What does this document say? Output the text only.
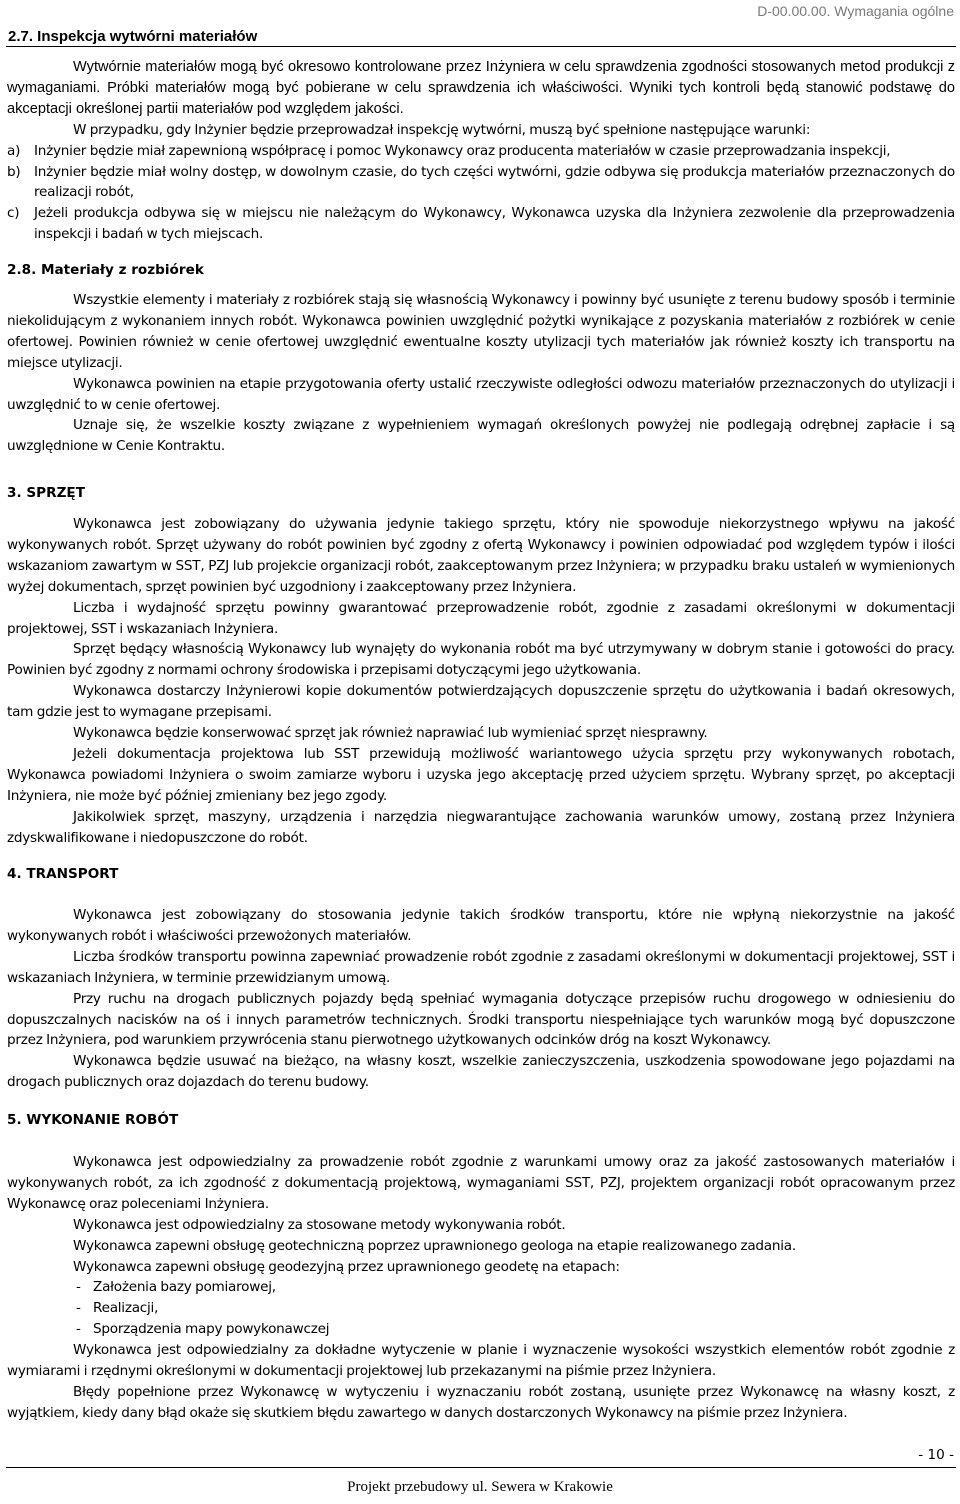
D-00.00.00. Wymagania ogólne
2.7. Inspekcja wytwórni materiałów

Wytwórnie materiałów mogą być okresowo kontrolowane przez Inżyniera w celu sprawdzenia zgodności stosowanych metod produkcji z wymaganiami. Próbki materiałów mogą być pobierane w celu sprawdzenia ich właściwości. Wyniki tych kontroli będą stanowić podstawę do akceptacji określonej partii materiałów pod względem jakości.

W przypadku, gdy Inżynier będzie przeprowadzał inspekcję wytwórni, muszą być spełnione następujące warunki:

a)	Inżynier będzie miał zapewnioną współpracę i pomoc Wykonawcy oraz producenta materiałów w czasie przeprowadzania inspekcji,
b) Inżynier będzie miał wolny dostęp, w dowolnym czasie, do tych części wytwórni, gdzie odbywa się produkcja materiałów przeznaczonych do realizacji robót,
c)	Jeżeli produkcja odbywa się w miejscu nie należącym do Wykonawcy, Wykonawca uzyska dla Inżyniera zezwolenie dla przeprowadzenia inspekcji i badań w tych miejscach.

2.8. Materiały z rozbiórek

Wszystkie elementy i materiały z rozbiórek stają się własnością Wykonawcy i powinny być usunięte z terenu budowy sposób i terminie niekolidującym z wykonaniem innych robót. Wykonawca powinien uwzględnić pożytki wynikające z pozyskania materiałów z rozbiórek w cenie ofertowej. Powinien również w cenie ofertowej uwzględnić ewentualne koszty utylizacji tych materiałów jak również koszty ich transportu na miejsce utylizacji.

Wykonawca powinien na etapie przygotowania oferty ustalić rzeczywiste odległości odwozu materiałów przeznaczonych do utylizacji i uwzględnić to w cenie ofertowej.

Uznaje się, że wszelkie koszty związane z wypełnieniem wymagań określonych powyżej nie podlegają odrębnej zapłacie i są uwzględnione w Cenie Kontraktu.

3. SPRZĘT

Wykonawca jest zobowiązany do używania jedynie takiego sprzętu, który nie spowoduje niekorzystnego wpływu na jakość wykonywanych robót. Sprzęt używany do robót powinien być zgodny z ofertą Wykonawcy i powinien odpowiadać pod względem typów i ilości wskazaniom zawartym w SST, PZJ lub projekcie organizacji robót, zaakceptowanym przez Inżyniera; w przypadku braku ustaleń w wymienionych wyżej dokumentach, sprzęt powinien być uzgodniony i zaakceptowany przez Inżyniera.

Liczba i wydajność sprzętu powinny gwarantować przeprowadzenie robót, zgodnie z zasadami określonymi w dokumentacji projektowej, SST i wskazaniach Inżyniera.

Sprzęt będący własnością Wykonawcy lub wynajęty do wykonania robót ma być utrzymywany w dobrym stanie i gotowości do pracy. Powinien być zgodny z normami ochrony środowiska i przepisami dotyczącymi jego użytkowania.

Wykonawca dostarczy Inżynierowi kopie dokumentów potwierdzających dopuszczenie sprzętu do użytkowania i badań okresowych, tam gdzie jest to wymagane przepisami.

Wykonawca będzie konserwować sprzęt jak również naprawiać lub wymieniać sprzęt niesprawny.

Jeżeli dokumentacja projektowa lub SST przewidują możliwość wariantowego użycia sprzętu przy wykonywanych robotach, Wykonawca powiadomi Inżyniera o swoim zamiarze wyboru i uzyska jego akceptację przed użyciem sprzętu. Wybrany sprzęt, po akceptacji Inżyniera, nie może być później zmieniany bez jego zgody.

Jakikolwiek sprzęt, maszyny, urządzenia i narzędzia niegwarantujące zachowania warunków umowy, zostaną przez Inżyniera zdyskwalifikowane i niedopuszczone do robót.

4. TRANSPORT

Wykonawca jest zobowiązany do stosowania jedynie takich środków transportu, które nie wpłyną niekorzystnie na jakość wykonywanych robót i właściwości przewożonych materiałów.

Liczba środków transportu powinna zapewniać prowadzenie robót zgodnie z zasadami określonymi w dokumentacji projektowej, SST i wskazaniach Inżyniera, w terminie przewidzianym umową.

Przy ruchu na drogach publicznych pojazdy będą spełniać wymagania dotyczące przepisów ruchu drogowego w odniesieniu do dopuszczalnych nacisków na oś i innych parametrów technicznych. Środki transportu niespełniające tych warunków mogą być dopuszczone przez Inżyniera, pod warunkiem przywrócenia stanu pierwotnego użytkowanych odcinków dróg na koszt Wykonawcy.

Wykonawca będzie usuwać na bieżąco, na własny koszt, wszelkie zanieczyszczenia, uszkodzenia spowodowane jego pojazdami na drogach publicznych oraz dojazdach do terenu budowy.

5. WYKONANIE ROBÓT

Wykonawca jest odpowiedzialny za prowadzenie robót zgodnie z warunkami umowy oraz za jakość zastosowanych materiałów i wykonywanych robót, za ich zgodność z dokumentacją projektową, wymaganiami SST, PZJ, projektem organizacji robót opracowanym przez Wykonawcę oraz poleceniami Inżyniera.

Wykonawca jest odpowiedzialny za stosowane metody wykonywania robót.

Wykonawca zapewni obsługę geotechniczną poprzez uprawnionego geologa na etapie realizowanego zadania.

Wykonawca zapewni obsługę geodezyjną przez uprawnionego geodetę na etapach:

- Założenia bazy pomiarowej,
- Realizacji,
- Sporządzenia mapy powykonawczej

Wykonawca jest odpowiedzialny za dokładne wytyczenie w planie i wyznaczenie wysokości wszystkich elementów robót zgodnie z wymiarami i rzędnymi określonymi w dokumentacji projektowej lub przekazanymi na piśmie przez Inżyniera.

Błędy popełnione przez Wykonawcę w wytyczeniu i wyznaczaniu robót zostaną, usunięte przez Wykonawcę na własny koszt, z wyjątkiem, kiedy dany błąd okaże się skutkiem błędu zawartego w danych dostarczonych Wykonawcy na piśmie przez Inżyniera.

- 10 -
Projekt przebudowy ul. Sewera w Krakowie
